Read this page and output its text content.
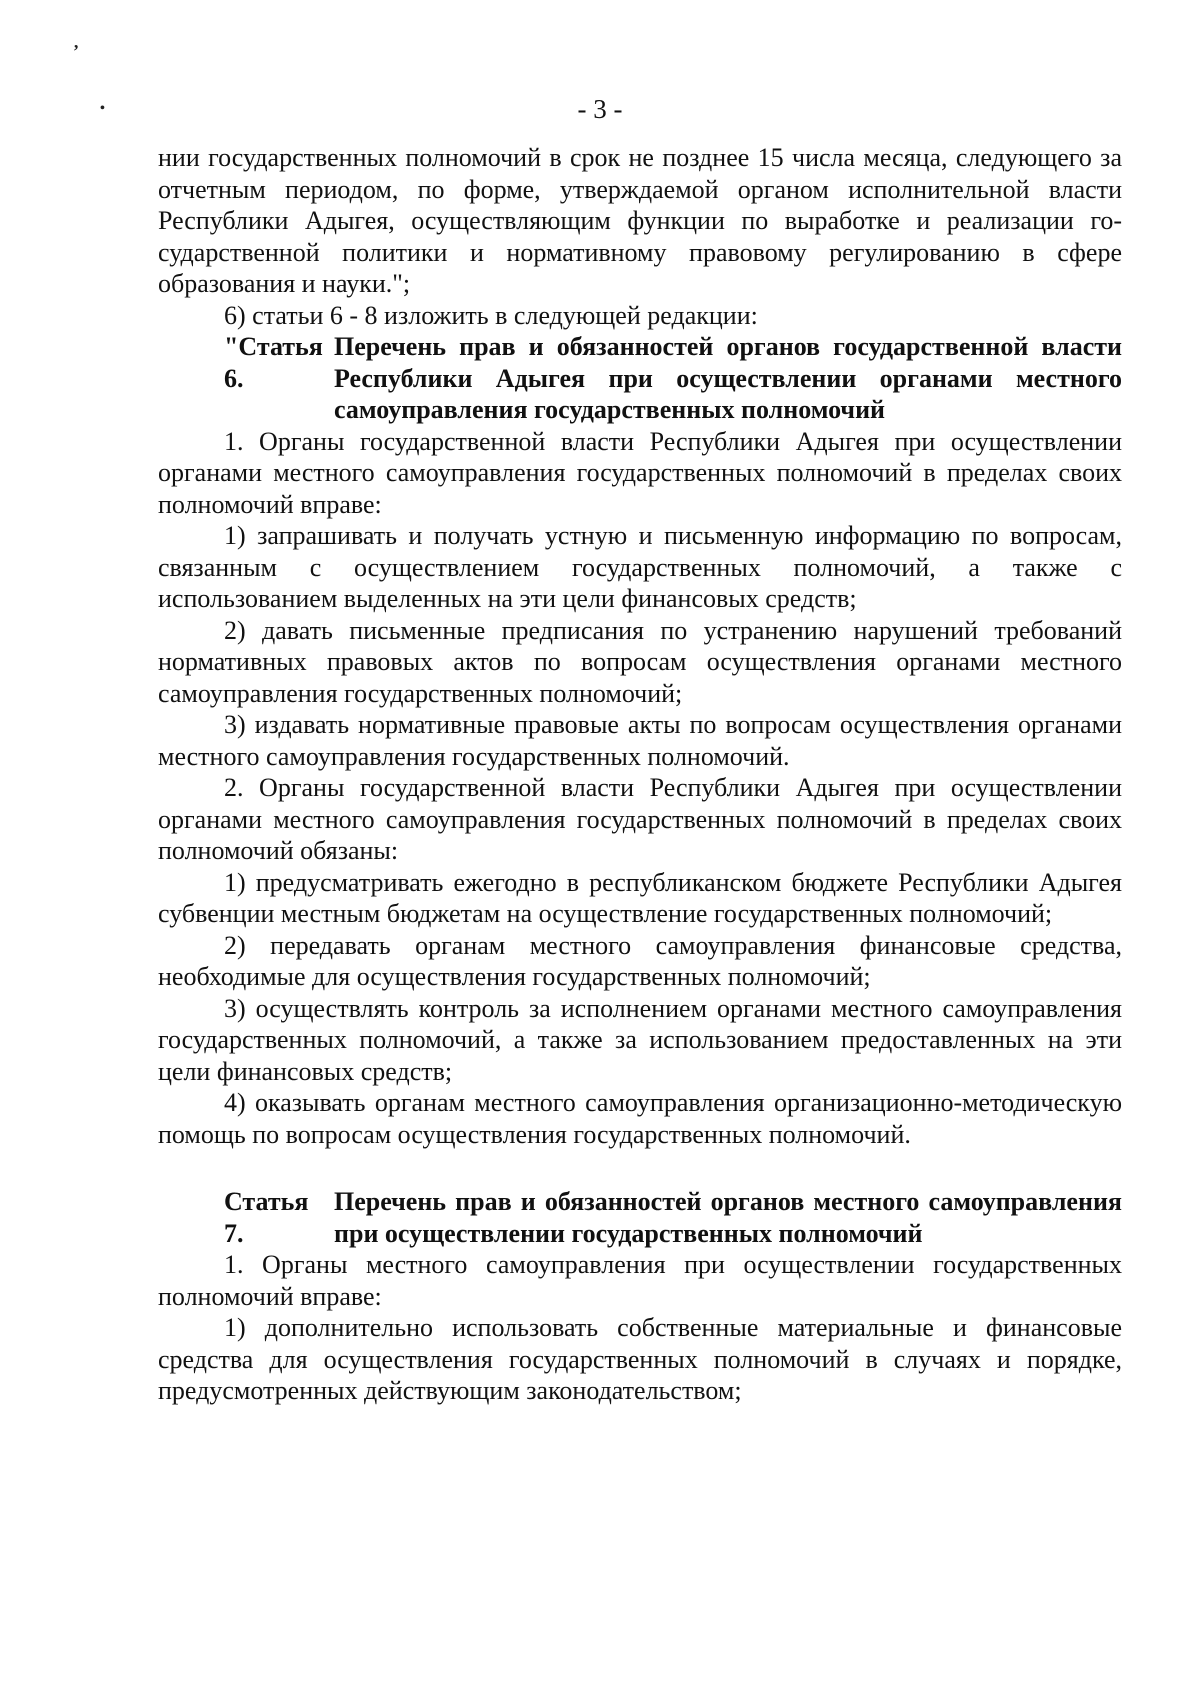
’
•	- 3 -

нии государственных полномочий в срок не позднее 15 числа месяца, следующего за отчетным периодом, по форме, утверждаемой органом исполнительной власти Республики Адыгея, осуществляющим функции по выработке и реализации го-сударственной политики и нормативному правовому регулированию в сфере образования и науки.";

6) статьи 6 - 8 изложить в следующей редакции:

"Статья 6.
Перечень прав и обязанностей органов государственной власти Республики Адыгея при осуществлении органами местного самоуправления государственных полномочий

1. Органы государственной власти Республики Адыгея при осуществлении органами местного самоуправления государственных полномочий в пределах своих полномочий вправе:

1) запрашивать и получать устную и письменную информацию по вопросам, связанным с осуществлением государственных полномочий, а также с использованием выделенных на эти цели финансовых средств;

2) давать письменные предписания по устранению нарушений требований нормативных правовых актов по вопросам осуществления органами местного самоуправления государственных полномочий;

3) издавать нормативные правовые акты по вопросам осуществления органами местного самоуправления государственных полномочий.

2. Органы государственной власти Республики Адыгея при осуществлении органами местного самоуправления государственных полномочий в пределах своих полномочий обязаны:

1) предусматривать ежегодно в республиканском бюджете Республики Адыгея субвенции местным бюджетам на осуществление государственных полномочий;

2) передавать органам местного самоуправления финансовые средства, необходимые для осуществления государственных полномочий;

3) осуществлять контроль за исполнением органами местного самоуправления государственных полномочий, а также за использованием предоставленных на эти цели финансовых средств;

4) оказывать органам местного самоуправления организационно-методическую помощь по вопросам осуществления государственных полномочий.

Статья 7.
Перечень прав и обязанностей органов местного самоуправления при осуществлении государственных полномочий

1. Органы местного самоуправления при осуществлении государственных полномочий вправе:

1) дополнительно использовать собственные материальные и финансовые средства для осуществления государственных полномочий в случаях и порядке, предусмотренных действующим законодательством;
